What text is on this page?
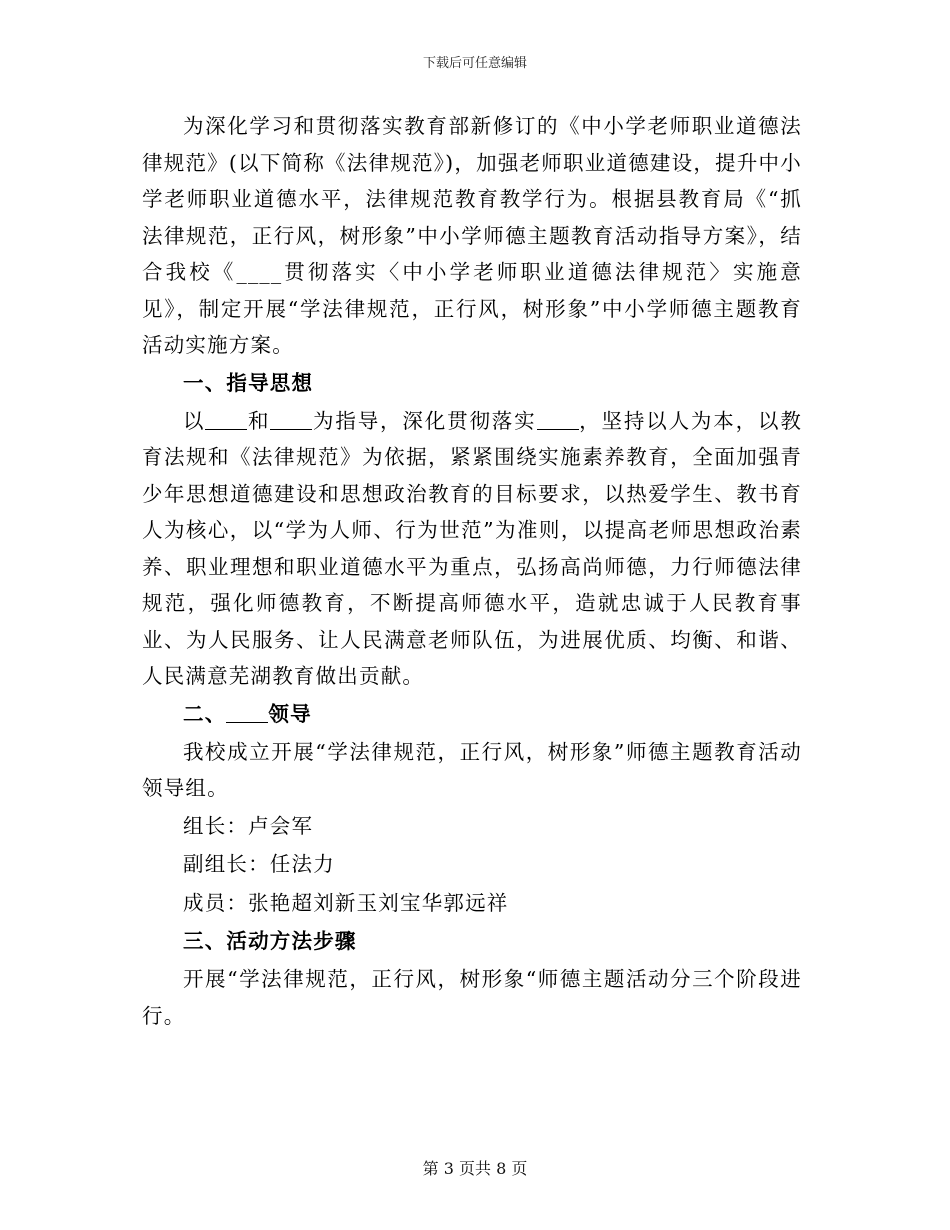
下载后可任意编辑

为深化学习和贯彻落实教育部新修订的《中小学老师职业道德法律规范》(以下简称《法律规范》)，加强老师职业道德建设，提升中小学老师职业道德水平，法律规范教育教学行为。根据县教育局《“抓法律规范，正行风，树形象”中小学师德主题教育活动指导方案》，结合我校《____贯彻落实〈中小学老师职业道德法律规范〉实施意见》，制定开展“学法律规范，正行风，树形象”中小学师德主题教育活动实施方案。

一、指导思想

以 和 为指导，深化贯彻落实 ，坚持以人为本，以教育法规和《法律规范》为依据，紧紧围绕实施素养教育，全面加强青少年思想道德建设和思想政治教育的目标要求，以热爱学生、教书育人为核心，以“学为人师、行为世范”为准则，以提高老师思想政治素养、职业理想和职业道德水平为重点，弘扬高尚师德，力行师德法律规范，强化师德教育，不断提高师德水平，造就忠诚于人民教育事业、为人民服务、让人民满意老师队伍，为进展优质、均衡、和谐、人民满意芜湖教育做出贡献。

二、 领导

我校成立开展“学法律规范，正行风，树形象”师德主题教育活动领导组。

组长：卢会军

副组长：任法力

成员：张艳超刘新玉刘宝华郭远祥

三、活动方法步骤

开展“学法律规范，正行风，树形象“师德主题活动分三个阶段进行。

第 3 页共 8 页
